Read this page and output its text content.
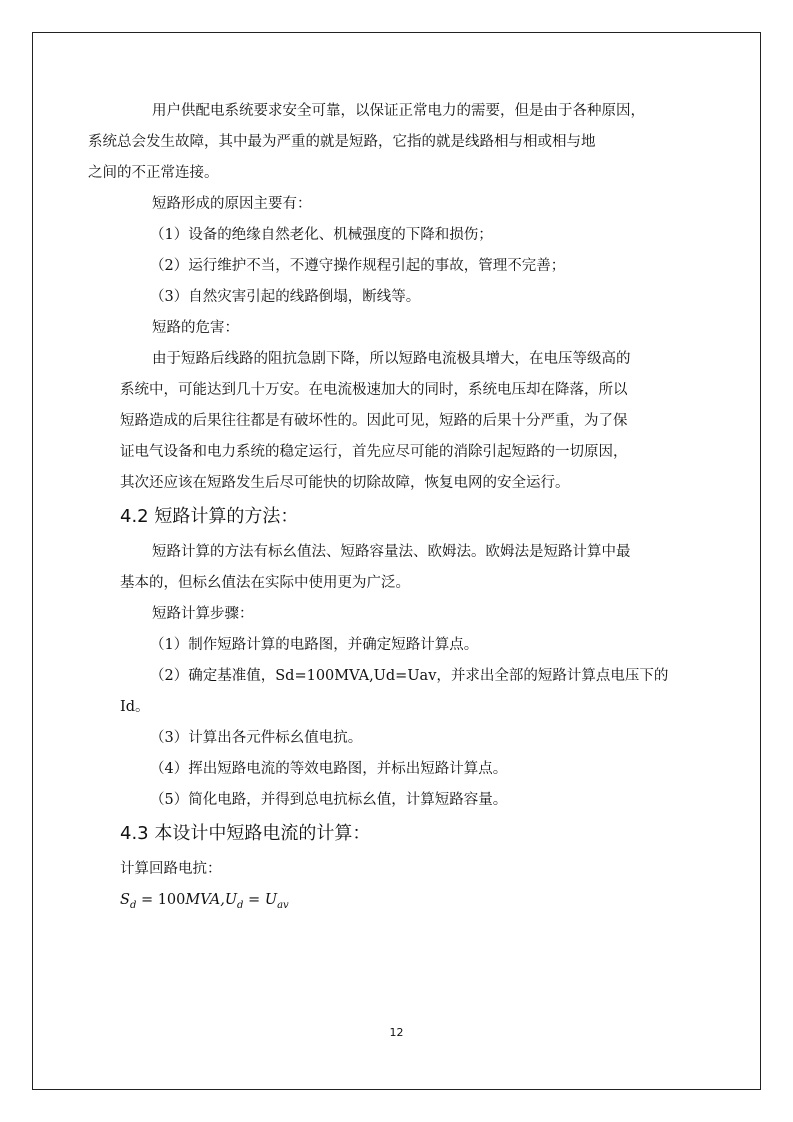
用户供配电系统要求安全可靠，以保证正常电力的需要，但是由于各种原因，
系统总会发生故障，其中最为严重的就是短路，它指的就是线路相与相或相与地
之间的不正常连接。

短路形成的原因主要有：

（1）设备的绝缘自然老化、机械强度的下降和损伤；

（2）运行维护不当，不遵守操作规程引起的事故，管理不完善；

（3）自然灾害引起的线路倒塌，断线等。

短路的危害：

由于短路后线路的阻抗急剧下降，所以短路电流极具增大，在电压等级高的
系统中，可能达到几十万安。在电流极速加大的同时，系统电压却在降落，所以
短路造成的后果往往都是有破坏性的。因此可见，短路的后果十分严重，为了保
证电气设备和电力系统的稳定运行，首先应尽可能的消除引起短路的一切原因，
其次还应该在短路发生后尽可能快的切除故障，恢复电网的安全运行。

4.2 短路计算的方法：

短路计算的方法有标幺值法、短路容量法、欧姆法。欧姆法是短路计算中最
基本的，但标幺值法在实际中使用更为广泛。

短路计算步骤：

（1）制作短路计算的电路图，并确定短路计算点。

（2）确定基准值，Sd=100MVA,Ud=Uav，并求出全部的短路计算点电压下的
Id。

（3）计算出各元件标幺值电抗。

（4）挥出短路电流的等效电路图，并标出短路计算点。

（5）简化电路，并得到总电抗标幺值，计算短路容量。

4.3 本设计中短路电流的计算：

计算回路电抗：

$S_d = 100MVA,U_d = U_{av}$

12
